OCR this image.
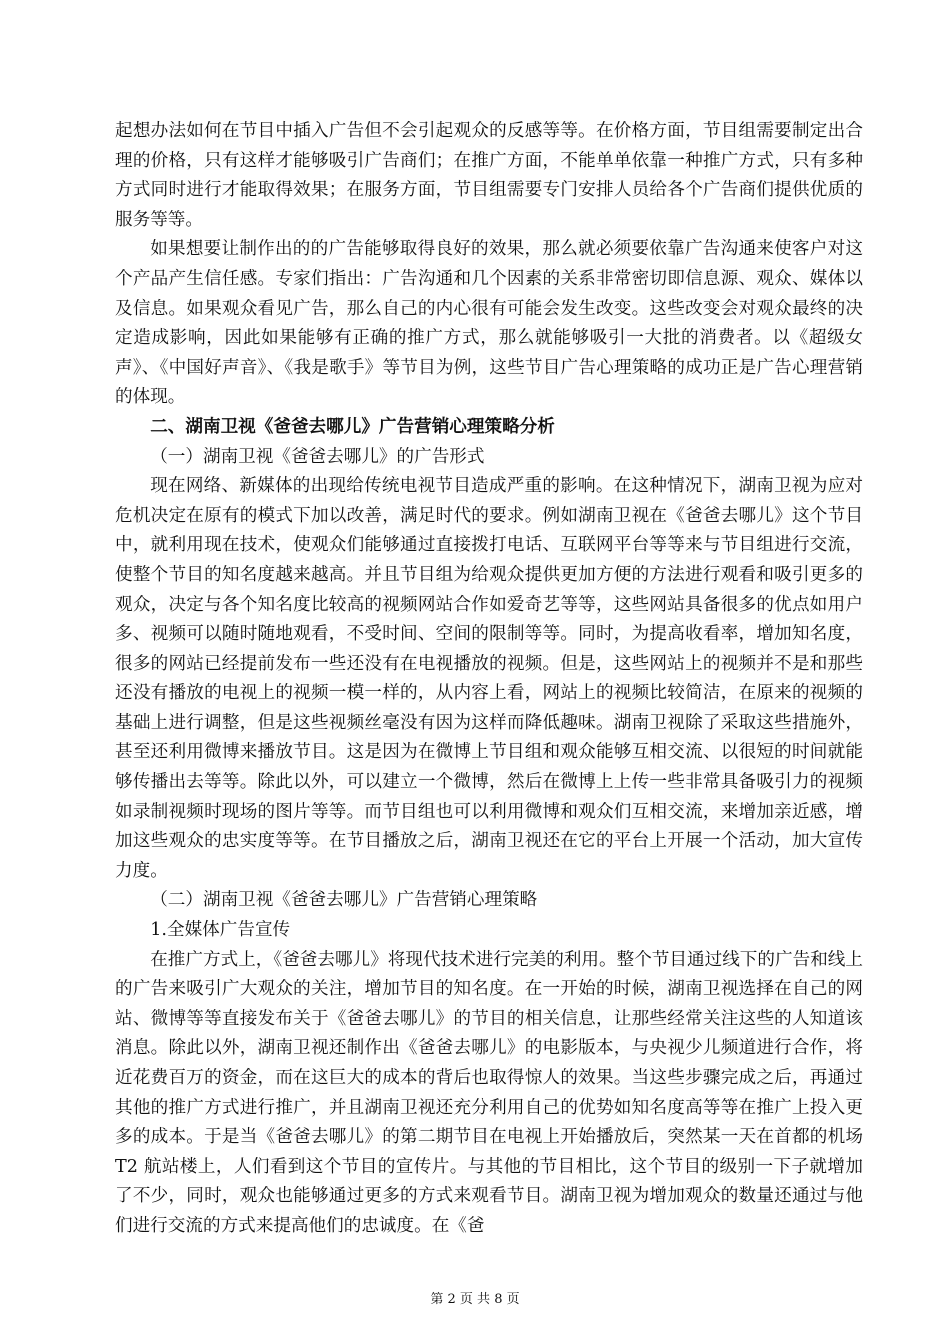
起想办法如何在节目中插入广告但不会引起观众的反感等等。在价格方面，节目组需要制定出合理的价格，只有这样才能够吸引广告商们；在推广方面，不能单单依靠一种推广方式，只有多种方式同时进行才能取得效果；在服务方面，节目组需要专门安排人员给各个广告商们提供优质的服务等等。

如果想要让制作出的的广告能够取得良好的效果，那么就必须要依靠广告沟通来使客户对这个产品产生信任感。专家们指出：广告沟通和几个因素的关系非常密切即信息源、观众、媒体以及信息。如果观众看见广告，那么自己的内心很有可能会发生改变。这些改变会对观众最终的决定造成影响，因此如果能够有正确的推广方式，那么就能够吸引一大批的消费者。以《超级女声》、《中国好声音》、《我是歌手》等节目为例，这些节目广告心理策略的成功正是广告心理营销的体现。

二、湖南卫视《爸爸去哪儿》广告营销心理策略分析

（一）湖南卫视《爸爸去哪儿》的广告形式

现在网络、新媒体的出现给传统电视节目造成严重的影响。在这种情况下，湖南卫视为应对危机决定在原有的模式下加以改善，满足时代的要求。例如湖南卫视在《爸爸去哪儿》这个节目中，就利用现在技术，使观众们能够通过直接拨打电话、互联网平台等等来与节目组进行交流，使整个节目的知名度越来越高。并且节目组为给观众提供更加方便的方法进行观看和吸引更多的观众，决定与各个知名度比较高的视频网站合作如爱奇艺等等，这些网站具备很多的优点如用户多、视频可以随时随地观看，不受时间、空间的限制等等。同时，为提高收看率，增加知名度，很多的网站已经提前发布一些还没有在电视播放的视频。但是，这些网站上的视频并不是和那些还没有播放的电视上的视频一模一样的，从内容上看，网站上的视频比较简洁，在原来的视频的基础上进行调整，但是这些视频丝毫没有因为这样而降低趣味。湖南卫视除了采取这些措施外，甚至还利用微博来播放节目。这是因为在微博上节目组和观众能够互相交流、以很短的时间就能够传播出去等等。除此以外，可以建立一个微博，然后在微博上上传一些非常具备吸引力的视频如录制视频时现场的图片等等。而节目组也可以利用微博和观众们互相交流，来增加亲近感，增加这些观众的忠实度等等。在节目播放之后，湖南卫视还在它的平台上开展一个活动，加大宣传力度。

（二）湖南卫视《爸爸去哪儿》广告营销心理策略

1.全媒体广告宣传

在推广方式上，《爸爸去哪儿》将现代技术进行完美的利用。整个节目通过线下的广告和线上的广告来吸引广大观众的关注，增加节目的知名度。在一开始的时候，湖南卫视选择在自己的网站、微博等等直接发布关于《爸爸去哪儿》的节目的相关信息，让那些经常关注这些的人知道该消息。除此以外，湖南卫视还制作出《爸爸去哪儿》的电影版本，与央视少儿频道进行合作，将近花费百万的资金，而在这巨大的成本的背后也取得惊人的效果。当这些步骤完成之后，再通过其他的推广方式进行推广，并且湖南卫视还充分利用自己的优势如知名度高等等在推广上投入更多的成本。于是当《爸爸去哪儿》的第二期节目在电视上开始播放后，突然某一天在首都的机场 T2 航站楼上，人们看到这个节目的宣传片。与其他的节目相比，这个节目的级别一下子就增加了不少，同时，观众也能够通过更多的方式来观看节目。湖南卫视为增加观众的数量还通过与他们进行交流的方式来提高他们的忠诚度。在《爸

第 2 页 共 8 页
